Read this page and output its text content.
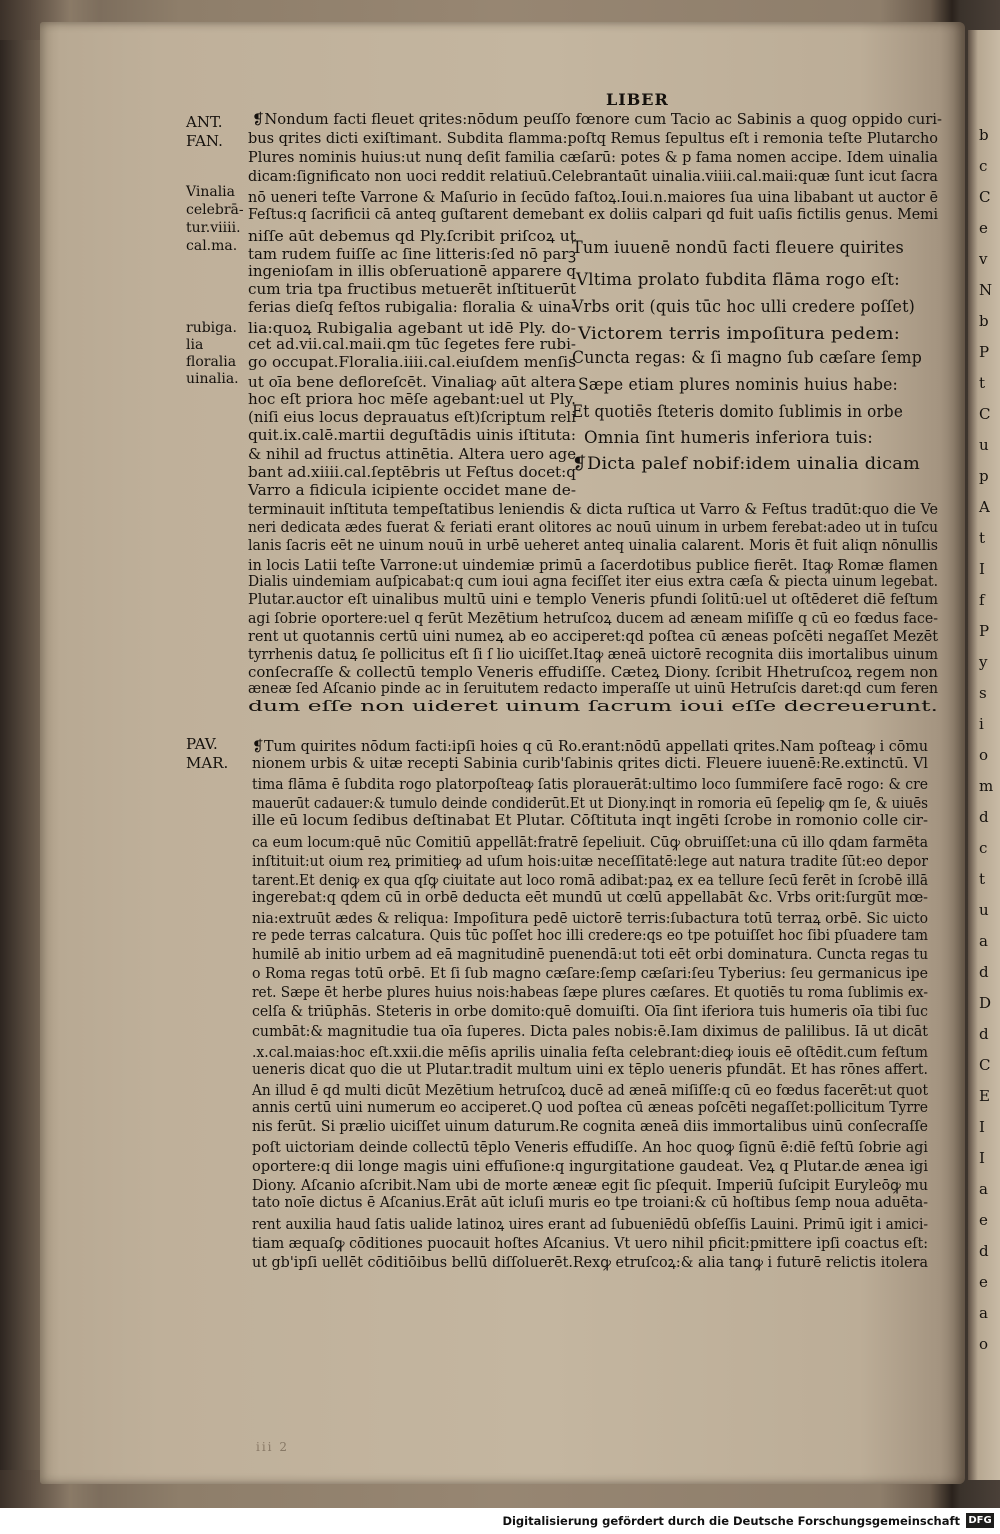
b
c
C
e
v
N
b
P
t
C
u
p
A
t
I
f
P
y
s
i
o
m
d
c
t
u
a
d
D
d
C
E
I
I
a
e
d
e
a
o
LIBER
ANT.
FAN.
Vinalia
celebrā-
tur.viiii.
cal.ma.
rubiga.
lia
floralia
uinalia.
PAV.
MAR.
Tum iuuenē nondū facti fleuere quirites
Vltima prolato fubdita flāma rogo eſt:
Vrbs orit (quis tūc hoc ulli credere poſſet)
Victorem terris impoſitura pedem:
Cuncta regas: & ſi magno ſub cæſare ſemp
Sæpe etiam plures nominis huius habe:
Et quotiēs ſteteris domito ſublimis in orbe
Omnia ſint humeris inferiora tuis:
❡Dicta palef nobif:idem uinalia dicam
❡Nondum facti fleuet qrites:nōdum peuſſo fœnore cum Tacio ac Sabinis a quog oppido curi-
bus qrites dicti exiſtimant. Subdita flamma:poſtq Remus ſepultus eſt i remonia teſte Plutarcho
Plures nominis huius:ut nunq deſit familia cæſarū: potes & p fama nomen accipe. Idem uinalia
dicam:ſignificato non uoci reddit relatiuū.Celebrantaūt uinalia.viiii.cal.maii:quæ ſunt icut ſacra
nō ueneri teſte Varrone & Maſurio in ſecūdo faſtoꝝ.Ioui.n.maiores ſua uina libabant ut auctor ē
Feſtus:q ſacrificii cā anteq guſtarent demebant ex doliis calpari qd fuit uaſis fictilis genus. Memi
niſſe aūt debemus qd Ply.ſcribit priſcoꝝ ut
tam rudem fuiſſe ac ſine litteris:ſed nō parꝫ
ingenioſam in illis obſeruationē apparere q
cum tria tpa fructibus metuerēt inſtituerūt
ferias dieſq feſtos rubigalia: floralia & uina-
lia:quoꝝ Rubigalia agebant ut idē Ply. do-
cet ad.vii.cal.maii.qm tūc ſegetes fere rubi-
go occupat.Floralia.iiii.cal.eiuſdem menſis
ut oīa bene defloreſcēt. Vinaliaꝙ aūt altera
hoc eſt priora hoc mēſe agebant:uel ut Ply.
(niſi eius locus deprauatus eſt)ſcriptum reli
quit.ix.calē.martii deguſtādis uinis iſtituta:
& nihil ad fructus attinētia. Altera uero age
bant ad.xiiii.cal.ſeptēbris ut Feſtus docet:q
Varro a fidicula icipiente occidet mane de-
terminauit inſtituta tempeſtatibus leniendis & dicta ruſtica ut Varro & Feſtus tradūt:quo die Ve
neri dedicata ædes fuerat & feriati erant olitores ac nouū uinum in urbem ferebat:adeo ut in tuſcu
lanis ſacris eēt ne uinum nouū in urbē ueheret anteq uinalia calarent. Moris ēt fuit aliqn nōnullis
in locis Latii teſte Varrone:ut uindemiæ primū a ſacerdotibus publice fierēt. Itaꝙ Romæ flamen
Dialis uindemiam auſpicabat:q cum ioui agna feciſſet iter eius extra cæſa & piecta uinum legebat.
Plutar.auctor eſt uinalibus multū uini e templo Veneris pfundi ſolitū:uel ut oſtēderet diē feſtum
agi ſobrie oportere:uel q ferūt Mezētium hetruſcoꝝ ducem ad æneam miſiſſe q cū eo fœdus face-
rent ut quotannis certū uini numeꝝ ab eo acciperet:qd poſtea cū æneas poſcēti negaſſet Mezēt
tyrrhenis datuꝝ ſe pollicitus eſt ſi ſ lio uiciſſet.Itaꝙ æneā uictorē recognita diis imortalibus uinum
conſecraſſe & collectū templo Veneris effudiſſe. Cæteꝝ Diony. ſcribit Hhetruſcoꝝ regem non
æneæ ſed Aſcanio pinde ac in ſeruitutem redacto imperaſſe ut uinū Hetruſcis daret:qd cum feren
dum eſſe non uideret uinum ſacrum ioui eſſe decreuerunt.
❡Tum quirites nōdum facti:ipſi hoies q cū Ro.erant:nōdū appellati qrites.Nam poſteaꝙ i cōmu
nionem urbis & uitæ recepti Sabinia curib'ſabinis qrites dicti. Fleuere iuuenē:Re.extinctū. Vl
tima flāma ē ſubdita rogo platorpoſteaꝙ ſatis plorauerāt:ultimo loco ſummiſere facē rogo: & cre
mauerūt cadauer:& tumulo deinde condiderūt.Et ut Diony.inqt in romoria eū ſepeliꝙ qm ſe, & uiuēs
ille eū locum ſedibus deſtinabat Et Plutar. Cōſtituta inqt ingēti ſcrobe in romonio colle cir-
ca eum locum:quē nūc Comitiū appellāt:fratrē ſepeliuit. Cūꝙ obruiſſet:una cū illo qdam farmēta
inſtituit:ut oium reꝝ primitieꝙ ad uſum hois:uitæ neceſſitatē:lege aut natura tradite ſūt:eo depor
tarent.Et deniꝙ ex qua qſꝙ ciuitate aut loco romā adibat:paꝝ ex ea tellure ſecū ferēt in ſcrobē illā
ingerebat:q qdem cū in orbē deducta eēt mundū ut cœlū appellabāt &c. Vrbs orit:ſurgūt mœ-
nia:extruūt ædes & reliqua: Impoſitura pedē uictorē terris:ſubactura totū terraꝝ orbē. Sic uicto
re pede terras calcatura. Quis tūc poſſet hoc illi credere:qs eo tpe potuiſſet hoc ſibi pſuadere tam
humilē ab initio urbem ad eā magnitudinē puenendā:ut toti eēt orbi dominatura. Cuncta regas tu
o Roma regas totū orbē. Et ſi ſub magno cæſare:ſemp cæſari:ſeu Tyberius: ſeu germanicus ipe
ret. Sæpe ēt herbe plures huius nois:habeas ſæpe plures cæſares. Et quotiēs tu roma ſublimis ex-
celſa & triūphās. Steteris in orbe domito:quē domuiſti. Oīa ſint iferiora tuis humeris oīa tibi ſuc
cumbāt:& magnitudie tua oīa ſuperes. Dicta pales nobis:ē.Iam diximus de palilibus. Iā ut dicāt
.x.cal.maias:hoc eſt.xxii.die mēſis aprilis uinalia feſta celebrant:dieꝙ iouis eē oſtēdit.cum feſtum
ueneris dicat quo die ut Plutar.tradit multum uini ex tēplo ueneris pfundāt. Et has rōnes affert.
An illud ē qd multi dicūt Mezētium hetruſcoꝝ ducē ad æneā miſiſſe:q cū eo fœdus facerēt:ut quot
annis certū uini numerum eo acciperet.Q uod poſtea cū æneas poſcēti negaſſet:pollicitum Tyrre
nis ferūt. Si prælio uiciſſet uinum daturum.Re cognita æneā diis immortalibus uinū conſecraſſe
poſt uictoriam deinde collectū tēplo Veneris effudiſſe. An hoc quoꝙ ſignū ē:diē feſtū ſobrie agi
oportere:q dii longe magis uini effuſione:q ingurgitatione gaudeat. Veꝝ q Plutar.de ænea igi
Diony. Aſcanio aſcribit.Nam ubi de morte æneæ egit ſic pſequit. Imperiū ſuſcipit Euryleōꝙ mu
tato noīe dictus ē Aſcanius.Erāt aūt icluſi muris eo tpe troiani:& cū hoſtibus ſemp noua aduēta-
rent auxilia haud ſatis ualide latinoꝝ uires erant ad ſubueniēdū obſeſſis Lauini. Primū igit i amici-
tiam æquaſꝙ cōditiones puocauit hoſtes Aſcanius. Vt uero nihil pficit:pmittere ipſi coactus eſt:
ut gb'ipſi uellēt cōditiōibus bellū diſſoluerēt.Rexꝙ etruſcoꝝ:& alia tanꝙ i futurē relictis itolera
iii 2
Digitalisierung gefördert durch die Deutsche Forschungsgemeinschaft DFG
